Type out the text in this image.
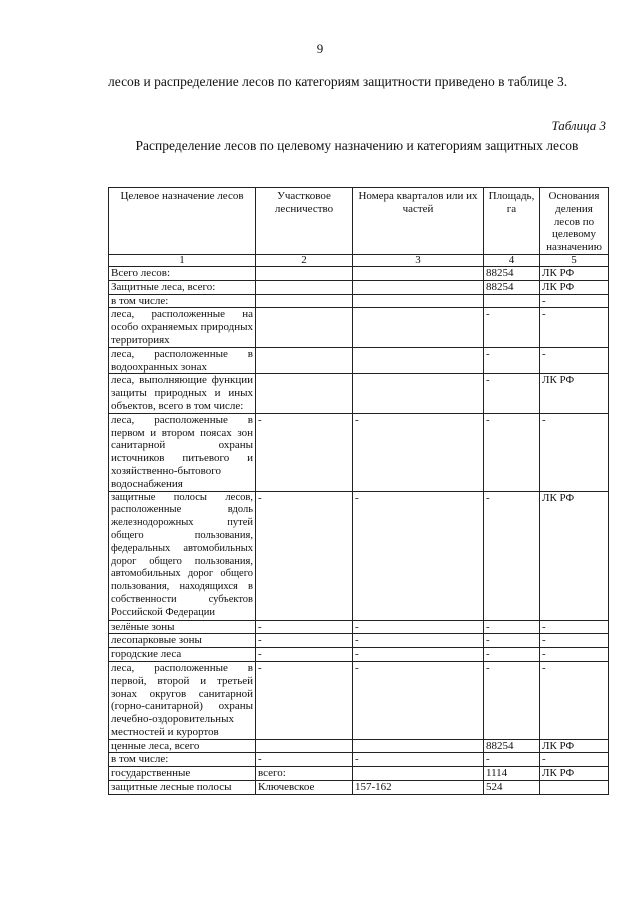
9
лесов и распределение лесов по категориям защитности приведено в таблице 3.
Таблица 3
Распределение лесов по целевому назначению и категориям защитных лесов
Целевое назначение лесов	Участковое лесничество	Номера кварталов или их частей	Площадь, га	Основания деления лесов по целевому назначению
1	2	3	4	5
Всего лесов:			88254	ЛК РФ
Защитные леса, всего:			88254	ЛК РФ
в том числе:				-
леса, расположенные на особо охраняемых природных территориях			-	-
леса, расположенные в водоохранных зонах			-	-
леса, выполняющие функции защиты природных и иных объектов, всего в том числе:			-	ЛК РФ
леса, расположенные в первом и втором поясах зон санитарной охраны источников питьевого и хозяйственно-бытового водоснабжения	-	-	-	-
защитные полосы лесов, расположенные вдоль железнодорожных путей общего пользования, федеральных автомобильных дорог общего пользования, автомобильных дорог общего пользования, находящихся в собственности субъектов Российской Федерации	-	-	-	ЛК РФ
зелёные зоны	-	-	-	-
лесопарковые зоны	-	-	-	-
городские леса	-	-	-	-
леса, расположенные в первой, второй и третьей зонах округов санитарной (горно-санитарной) охраны лечебно-оздоровительных местностей и курортов	-	-	-	-
ценные леса, всего			88254	ЛК РФ
в том числе:	-	-	-	-
государственные	всего:		1114	ЛК РФ
защитные лесные полосы	Ключевское	157-162	524	
